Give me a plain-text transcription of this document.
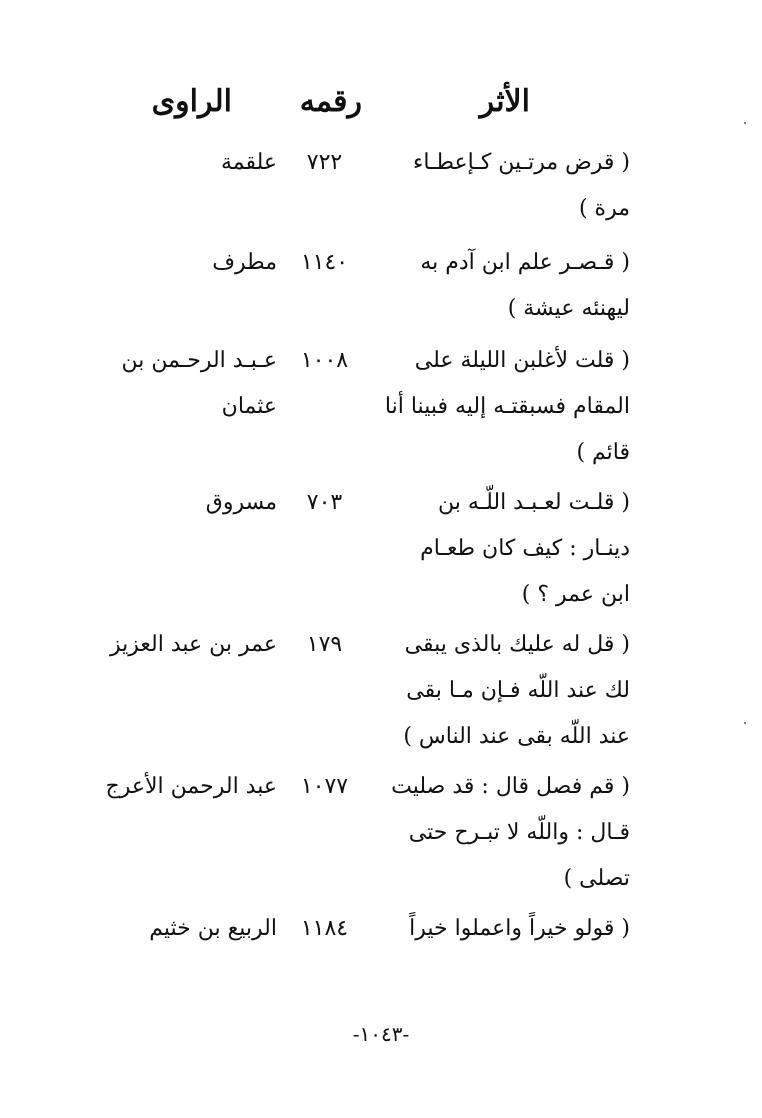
الأثر
رقمه
الراوى
( قرض مرتـين كـإعطـاء
مرة )
٧٢٢
علقمة
( قـصـر علم ابن آدم به
ليهنئه عيشة )
١١٤٠
مطرف
( قلت لأغلبن الليلة على
المقام فسبقتـه إليه فبينا أنا
قائم )
١٠٠٨
عـبـد الرحـمن بن
عثمان
( قلـت لعـبـد اللّـه بن
دينـار : كيف كان طعـام
ابن عمر ؟ )
٧٠٣
مسروق
( قل له عليك بالذى يبقى
لك عند اللّه فـإن مـا بقى
عند اللّه بقى عند الناس )
١٧٩
عمر بن عبد العزيز
( قم فصل قال : قد صليت
قـال : واللّه لا تبـرح حتى
تصلى )
١٠٧٧
عبد الرحمن الأعرج
( قولو خيراً واعملوا خيراً
١١٨٤
الربيع بن خثيم
-١٠٤٣-
